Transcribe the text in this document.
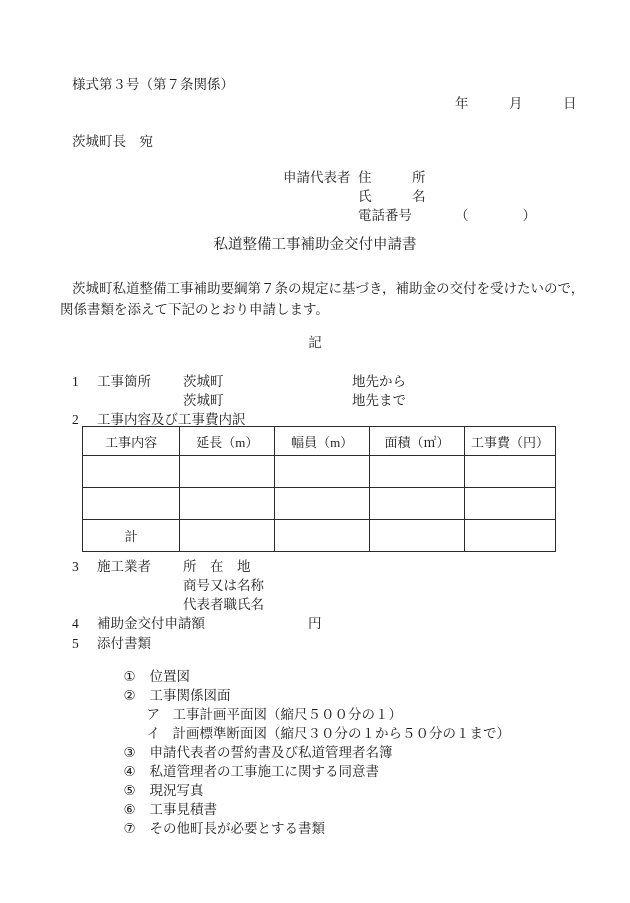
様式第３号（第７条関係）
年　　　月　　　日
茨城町長　宛
申請代表者 住　　　所
氏　　　名
電話番号	（　　　　）
私道整備工事補助金交付申請書
茨城町私道整備工事補助要綱第７条の規定に基づき，補助金の交付を受けたいので，
関係書類を添えて下記のとおり申請します。
記
1 工事箇所 茨城町	地先から
茨城町	地先まで
2 工事内容及び工事費内訳
工事内容	延長（m）	幅員（m）	面積（㎡）	工事費（円）

計				
3 施工業者 所　在　地
商号又は名称
代表者職氏名
4 補助金交付申請額	円
5 添付書類

① 位置図

② 工事関係図面

ア 工事計画平面図（縮尺５００分の１）

イ 計画標準断面図（縮尺３０分の１から５０分の１まで）

③ 申請代表者の誓約書及び私道管理者名簿

④ 私道管理者の工事施工に関する同意書

⑤ 現況写真

⑥ 工事見積書

⑦ その他町長が必要とする書類
